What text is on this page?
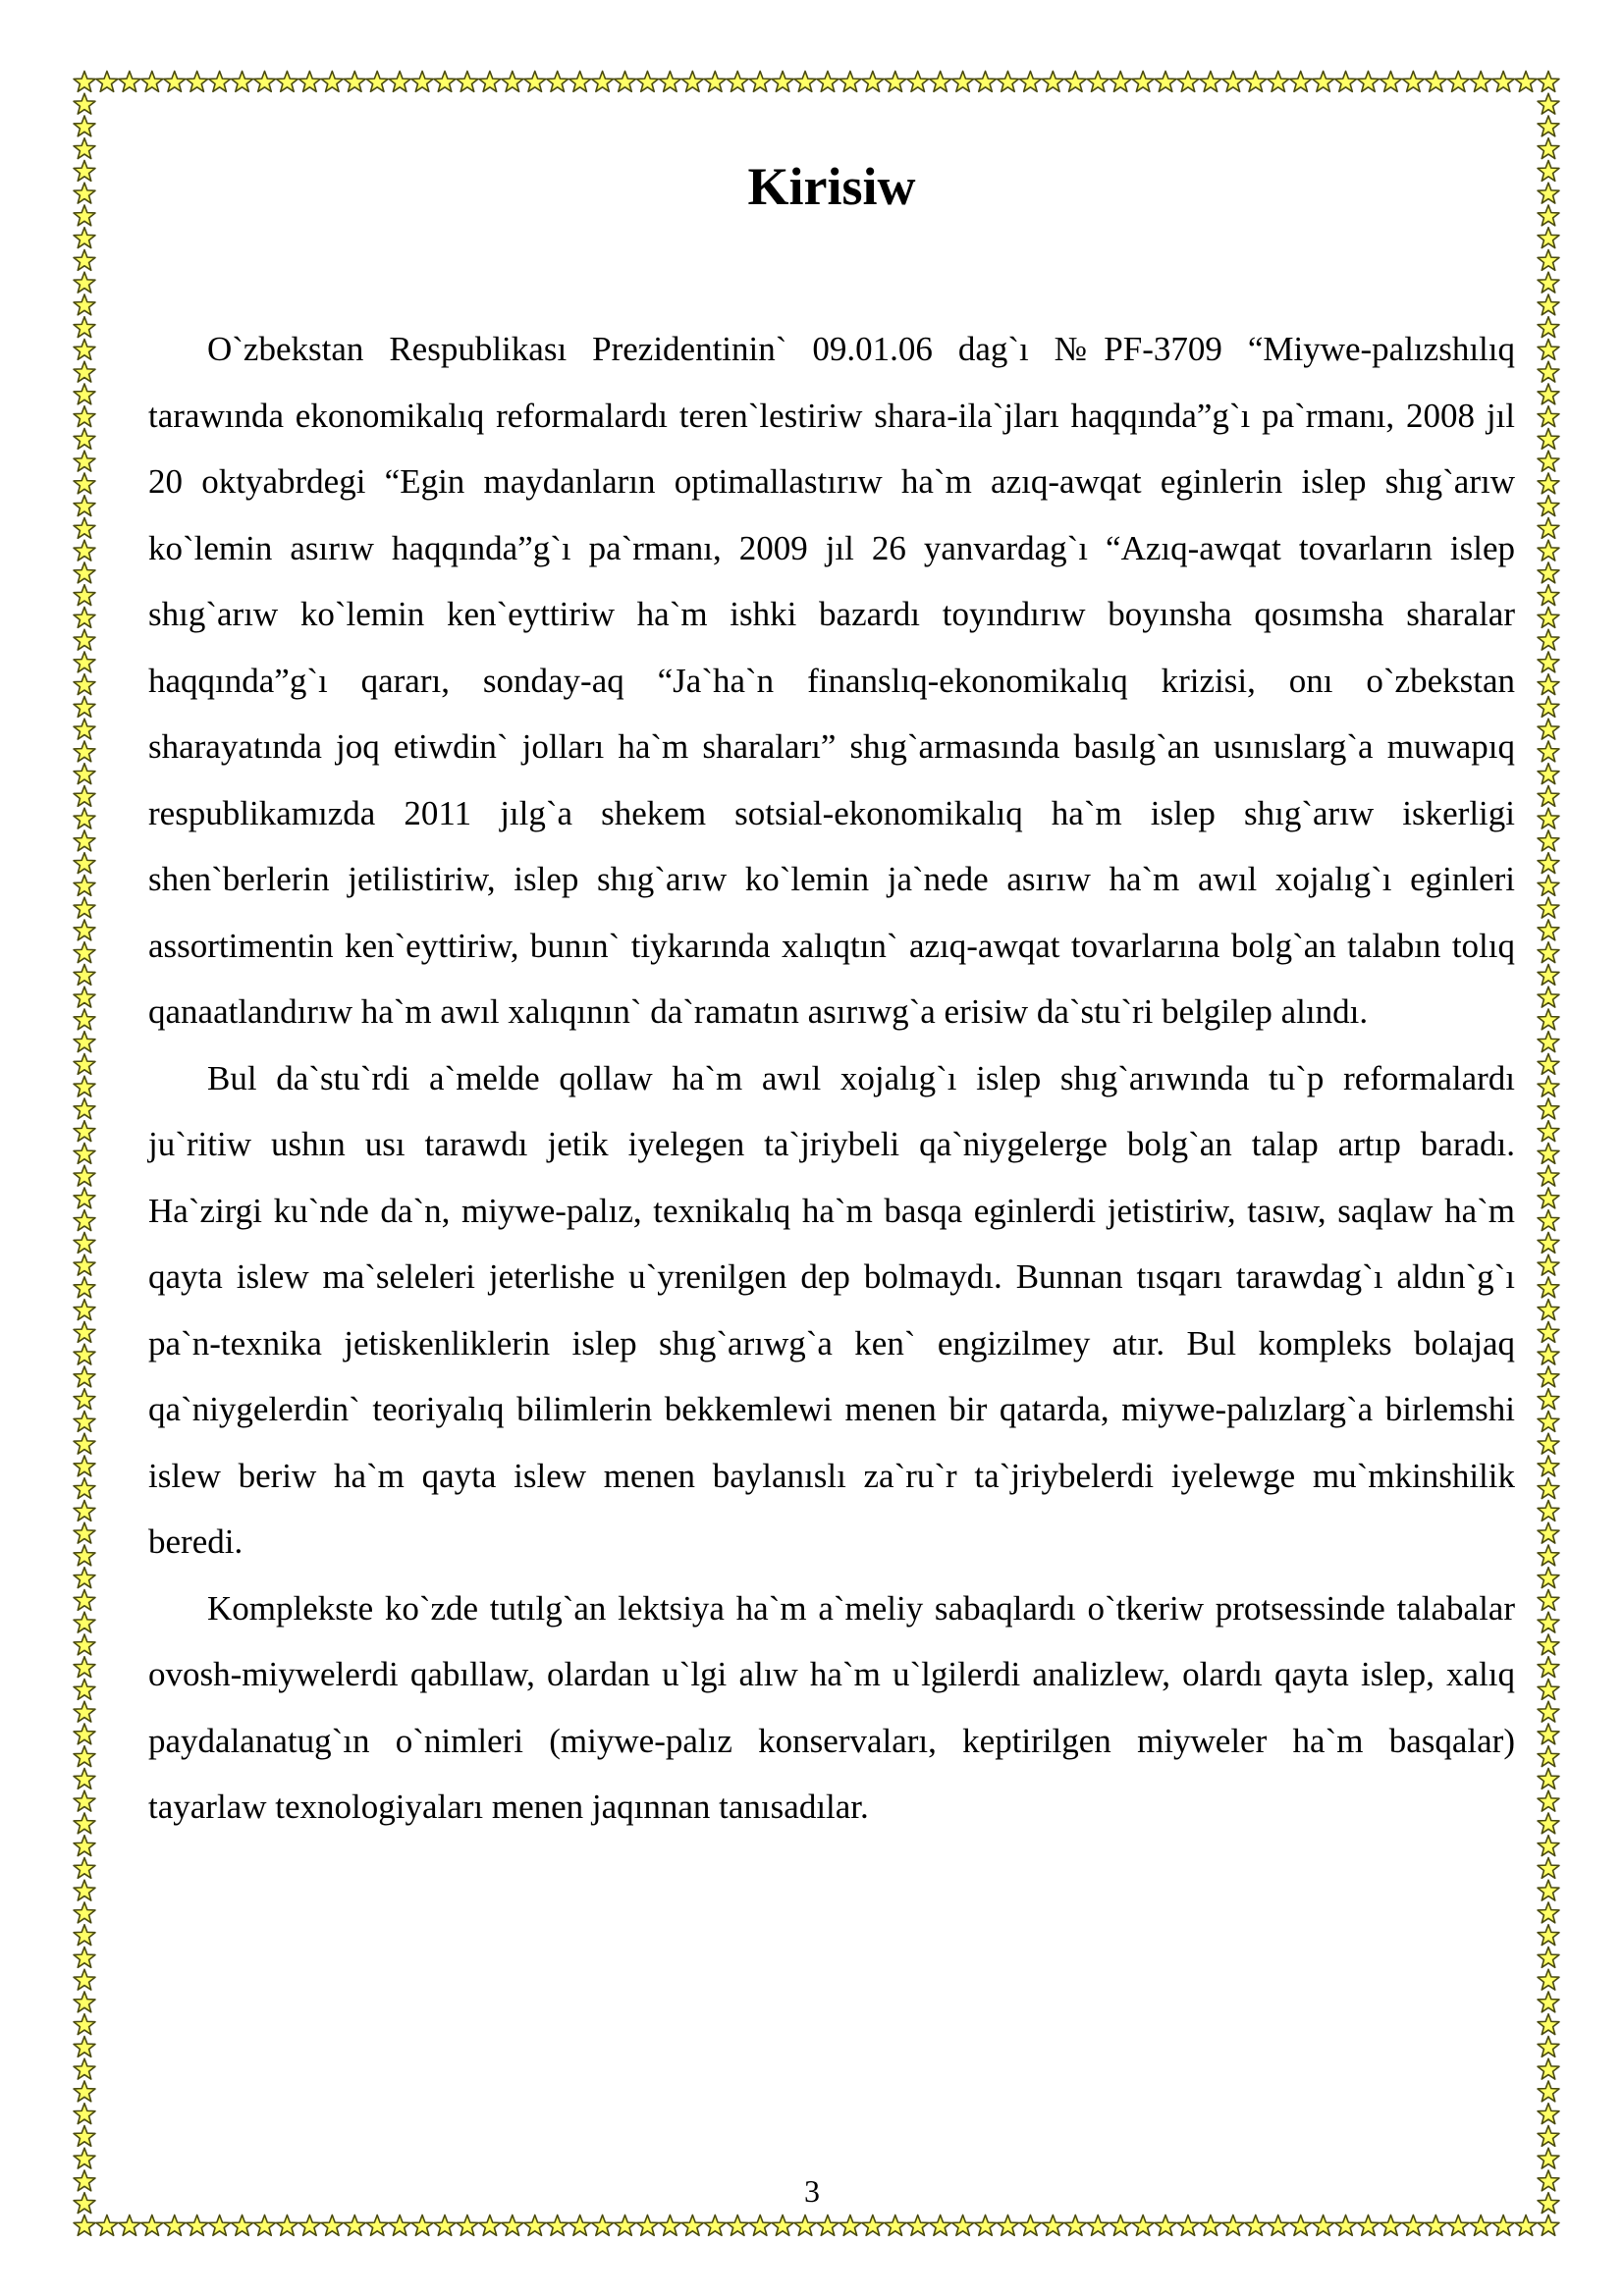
Kirisiw

O`zbekstan Respublikası Prezidentinin` 09.01.06 dag`ı №PF-3709 “Miywe-palızshılıq tarawında ekonomikalıq reformalardı teren`lestiriw shara-ila`jları haqqında”g`ı pa`rmanı, 2008 jıl 20 oktyabrdegi “Egin maydanların optimallastırıw ha`m azıq-awqat eginlerin islep shıg`arıw ko`lemin asırıw haqqında”g`ı pa`rmanı, 2009 jıl 26 yanvardag`ı “Azıq-awqat tovarların islep shıg`arıw ko`lemin ken`eyttiriw ha`m ishki bazardı toyındırıw boyınsha qosımsha sharalar haqqında”g`ı qararı, sonday-aq “Ja`ha`n finanslıq-ekonomikalıq krizisi, onı o`zbekstan sharayatında joq etiwdin` jolları ha`m sharaları” shıg`armasında basılg`an usınıslarg`a muwapıq respublikamızda 2011 jılg`a shekem sotsial-ekonomikalıq ha`m islep shıg`arıw iskerligi shen`berlerin jetilistiriw, islep shıg`arıw ko`lemin ja`nede asırıw ha`m awıl xojalıg`ı eginleri assortimentin ken`eyttiriw, bunın` tiykarında xalıqtın` azıq-awqat tovarlarına bolg`an talabın tolıq qanaatlandırıw ha`m awıl xalıqının` da`ramatın asırıwg`a erisiw da`stu`ri belgilep alındı.

Bul da`stu`rdi a`melde qollaw ha`m awıl xojalıg`ı islep shıg`arıwında tu`p reformalardı ju`ritiw ushın usı tarawdı jetik iyelegen ta`jriybeli qa`niygelerge bolg`an talap artıp baradı. Ha`zirgi ku`nde da`n, miywe-palız, texnikalıq ha`m basqa eginlerdi jetistiriw, tasıw, saqlaw ha`m qayta islew ma`seleleri jeterlishe u`yrenilgen dep bolmaydı. Bunnan tısqarı tarawdag`ı aldın`g`ı pa`n-texnika jetiskenliklerin islep shıg`arıwg`a ken` engizilmey atır. Bul kompleks bolajaq qa`niygelerdin` teoriyalıq bilimlerin bekkemlewi menen bir qatarda, miywe-palızlarg`a birlemshi islew beriw ha`m qayta islew menen baylanıslı za`ru`r ta`jriybelerdi iyelewge mu`mkinshilik beredi.

Komplekste ko`zde tutılg`an lektsiya ha`m a`meliy sabaqlardı o`tkeriw protsessinde talabalar ovosh-miywelerdi qabıllaw, olardan u`lgi alıw ha`m u`lgilerdi analizlew, olardı qayta islep, xalıq paydalanatug`ın o`nimleri (miywe-palız konservaları, keptirilgen miyweler ha`m basqalar) tayarlaw texnologiyaları menen jaqınnan tanısadılar.

3
